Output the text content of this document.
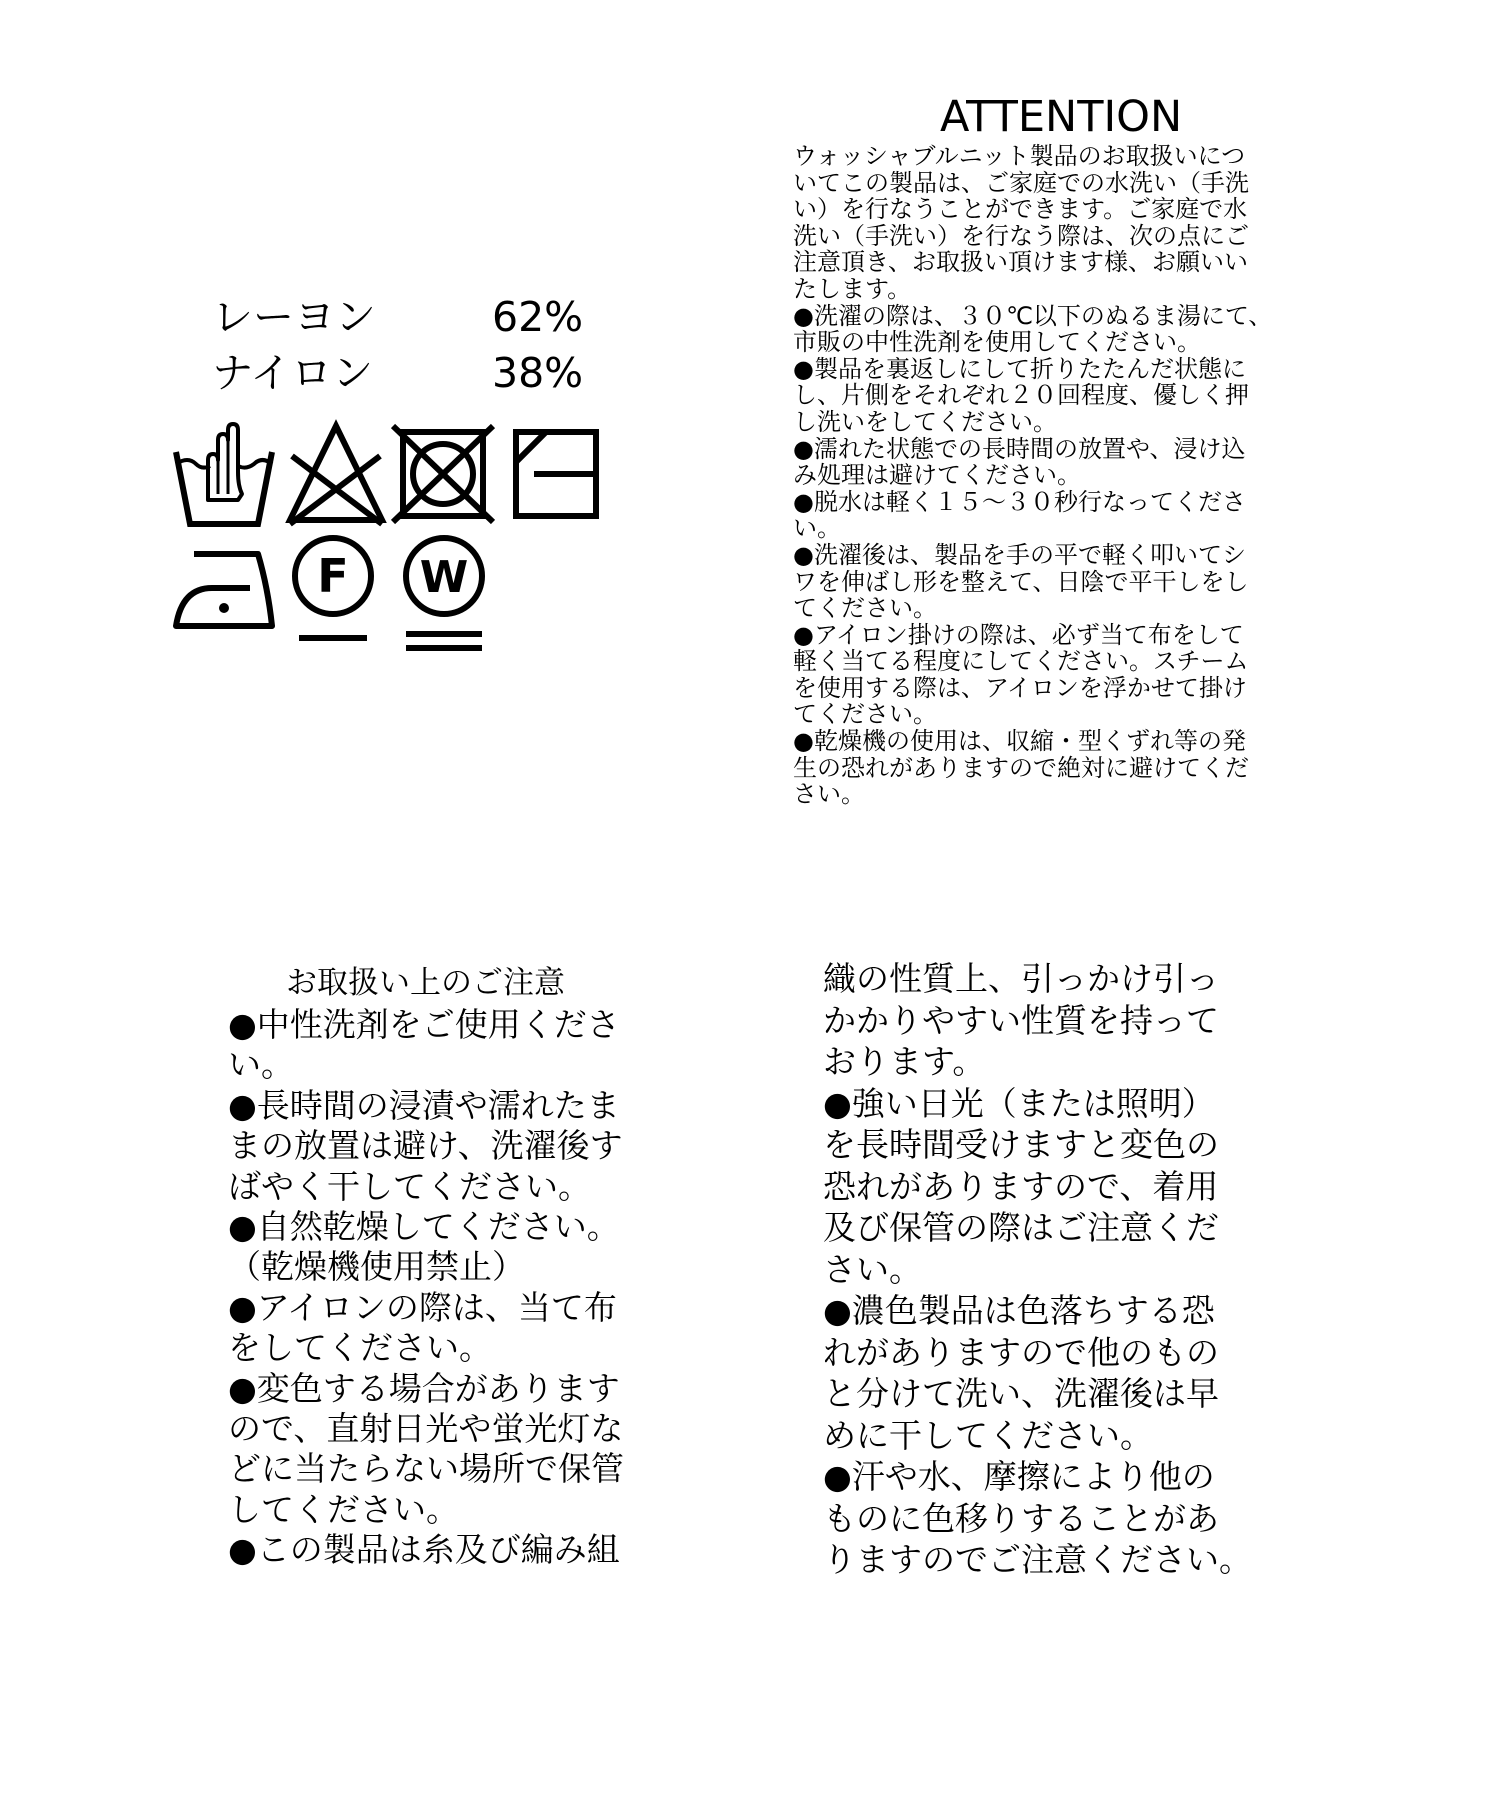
レーヨン	62%
ナイロン	38%
F W
ATTENTION
ウォッシャブルニット製品のお取扱いにつ
いてこの製品は、ご家庭での水洗い（手洗
い）を行なうことができます。ご家庭で水
洗い（手洗い）を行なう際は、次の点にご
注意頂き、お取扱い頂けます様、お願いい
たします。
●洗濯の際は、３０℃以下のぬるま湯にて、
市販の中性洗剤を使用してください。
●製品を裏返しにして折りたたんだ状態に
し、片側をそれぞれ２０回程度、優しく押
し洗いをしてください。
●濡れた状態での長時間の放置や、浸け込
み処理は避けてください。
●脱水は軽く１５～３０秒行なってくださ
い。
●洗濯後は、製品を手の平で軽く叩いてシ
ワを伸ばし形を整えて、日陰で平干しをし
てください。
●アイロン掛けの際は、必ず当て布をして
軽く当てる程度にしてください。スチーム
を使用する際は、アイロンを浮かせて掛け
てください。
●乾燥機の使用は、収縮・型くずれ等の発
生の恐れがありますので絶対に避けてくだ
さい。
お取扱い上のご注意
●中性洗剤をご使用くださ
い。
●長時間の浸漬や濡れたま
まの放置は避け、洗濯後す
ばやく干してください。
●自然乾燥してください。
（乾燥機使用禁止）
●アイロンの際は、当て布
をしてください。
●変色する場合があります
ので、直射日光や蛍光灯な
どに当たらない場所で保管
してください。
●この製品は糸及び編み組
織の性質上、引っかけ引っ
かかりやすい性質を持って
おります。
●強い日光（または照明）
を長時間受けますと変色の
恐れがありますので、着用
及び保管の際はご注意くだ
さい。
●濃色製品は色落ちする恐
れがありますので他のもの
と分けて洗い、洗濯後は早
めに干してください。
●汗や水、摩擦により他の
ものに色移りすることがあ
りますのでご注意ください。
